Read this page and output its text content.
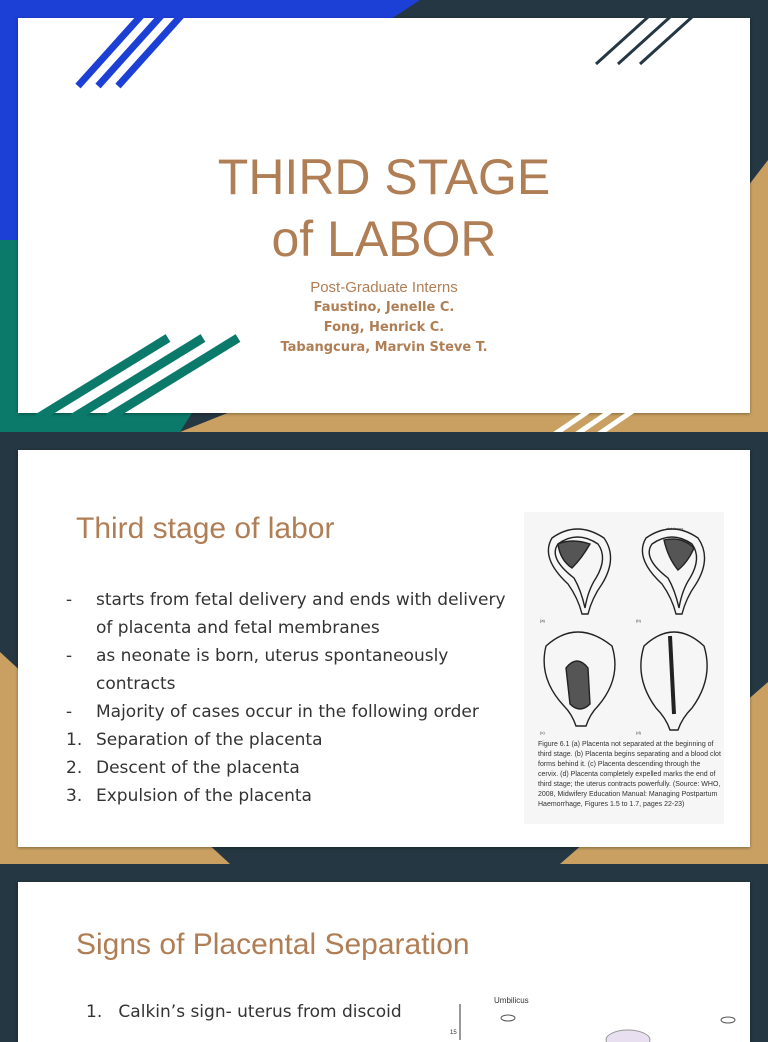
THIRD STAGE
of LABOR
Post-Graduate Interns
Faustino, Jenelle C.
Fong, Henrick C.
Tabangcura, Marvin Steve T.
Third stage of labor
- starts from fetal delivery and ends with delivery of placenta and fetal membranes
- as neonate is born, uterus spontaneously contracts
- Majority of cases occur in the following order
1. Separation of the placenta
2. Descent of the placenta
3. Expulsion of the placenta
(a)	(b)
(c)	(d)
clot forms
Figure 6.1 (a) Placenta not separated at the beginning of third stage. (b) Placenta begins separating and a blood clot forms behind it. (c) Placenta descending through the cervix. (d) Placenta completely expelled marks the end of third stage; the uterus contracts powerfully. (Source: WHO, 2008, Midwifery Education Manual: Managing Postpartum Haemorrhage, Figures 1.5 to 1.7, pages 22-23)
Signs of Placental Separation
1.   Calkin’s sign- uterus from discoid
Umbilicus
15
